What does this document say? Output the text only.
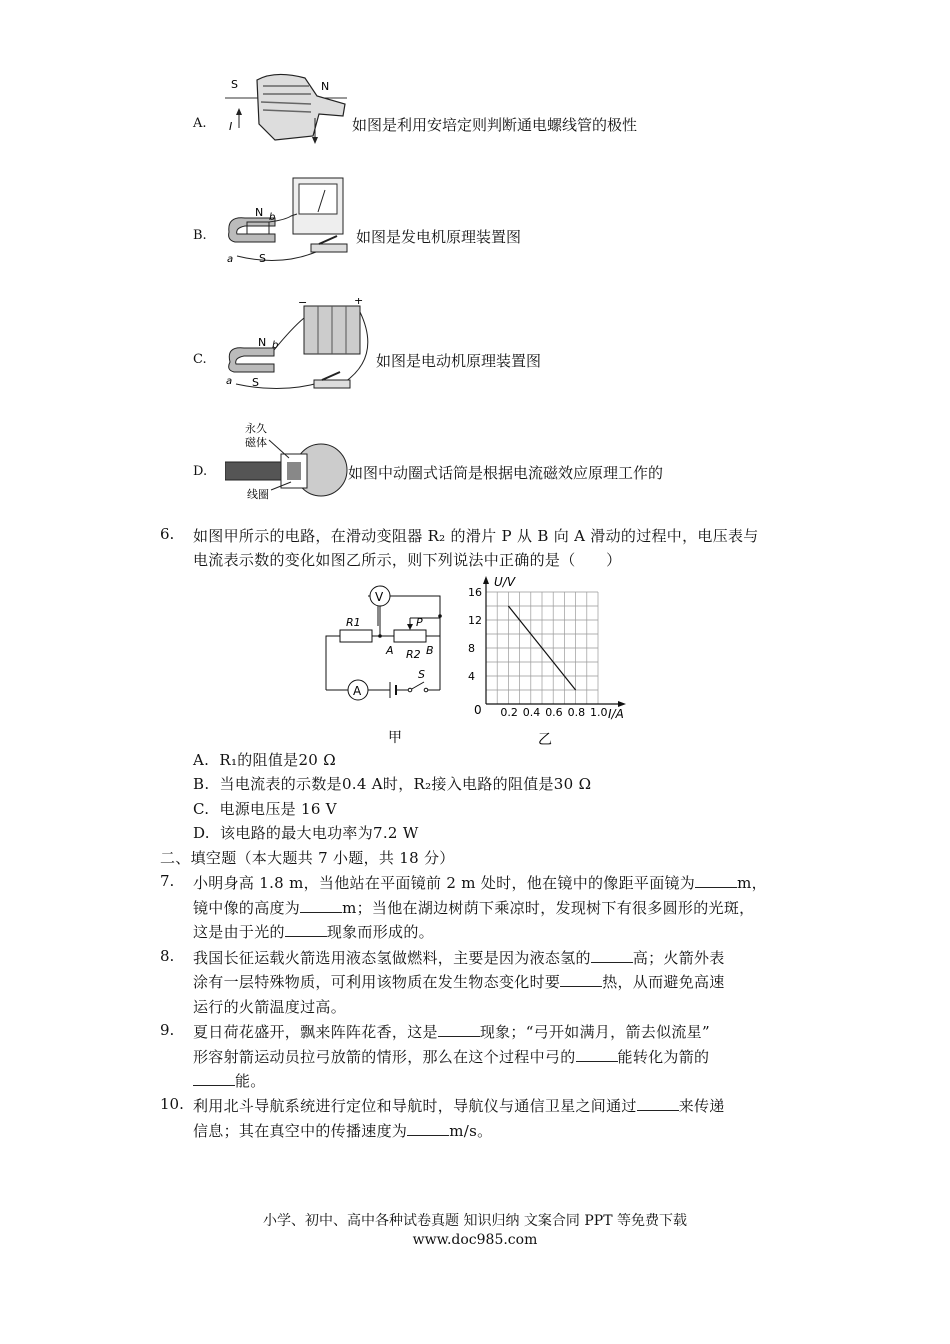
A.
S	N
I	如图是利用安培定则判断通电螺线管的极性
B.
N b
a S
如图是发电机原理装置图
C.
−	+
N b
a S
如图是电动机原理装置图
D.
永久
磁体
线圈
如图中动圈式话筒是根据电流磁效应原理工作的
6. 如图甲所示的电路，在滑动变阻器 R₂ 的滑片 P 从 B 向 A 滑动的过程中，电压表与
电流表示数的变化如图乙所示，则下列说法中正确的是（　　）
V
A
R1
R2
P
A	B
S
甲
0.2 0.4 0.6 0.8 1.0
4
8
12
16
U/V
I/A
0
乙
A. R₁的阻值是20 Ω
B. 当电流表的示数是0.4 A时，R₂接入电路的阻值是30 Ω
C. 电源电压是 16 V
D. 该电路的最大电功率为7.2 W
二、填空题（本大题共 7 小题，共 18 分）
7. 小明身高 1.8 m，当他站在平面镜前 2 m 处时，他在镜中的像距平面镜为	m，
镜中像的高度为	m；当他在湖边树荫下乘凉时，发现树下有很多圆形的光斑，
这是由于光的	现象而形成的。
8. 我国长征运载火箭选用液态氢做燃料，主要是因为液态氢的	高；火箭外表
涂有一层特殊物质，可利用该物质在发生物态变化时要	热，从而避免高速
运行的火箭温度过高。
9. 夏日荷花盛开，飘来阵阵花香，这是	现象；“弓开如满月，箭去似流星”
形容射箭运动员拉弓放箭的情形，那么在这个过程中弓的	能转化为箭的
能。
10. 利用北斗导航系统进行定位和导航时，导航仪与通信卫星之间通过	来传递
信息；其在真空中的传播速度为	m/s。
小学、初中、高中各种试卷真题 知识归纳 文案合同 PPT 等免费下载
www.doc985.com
